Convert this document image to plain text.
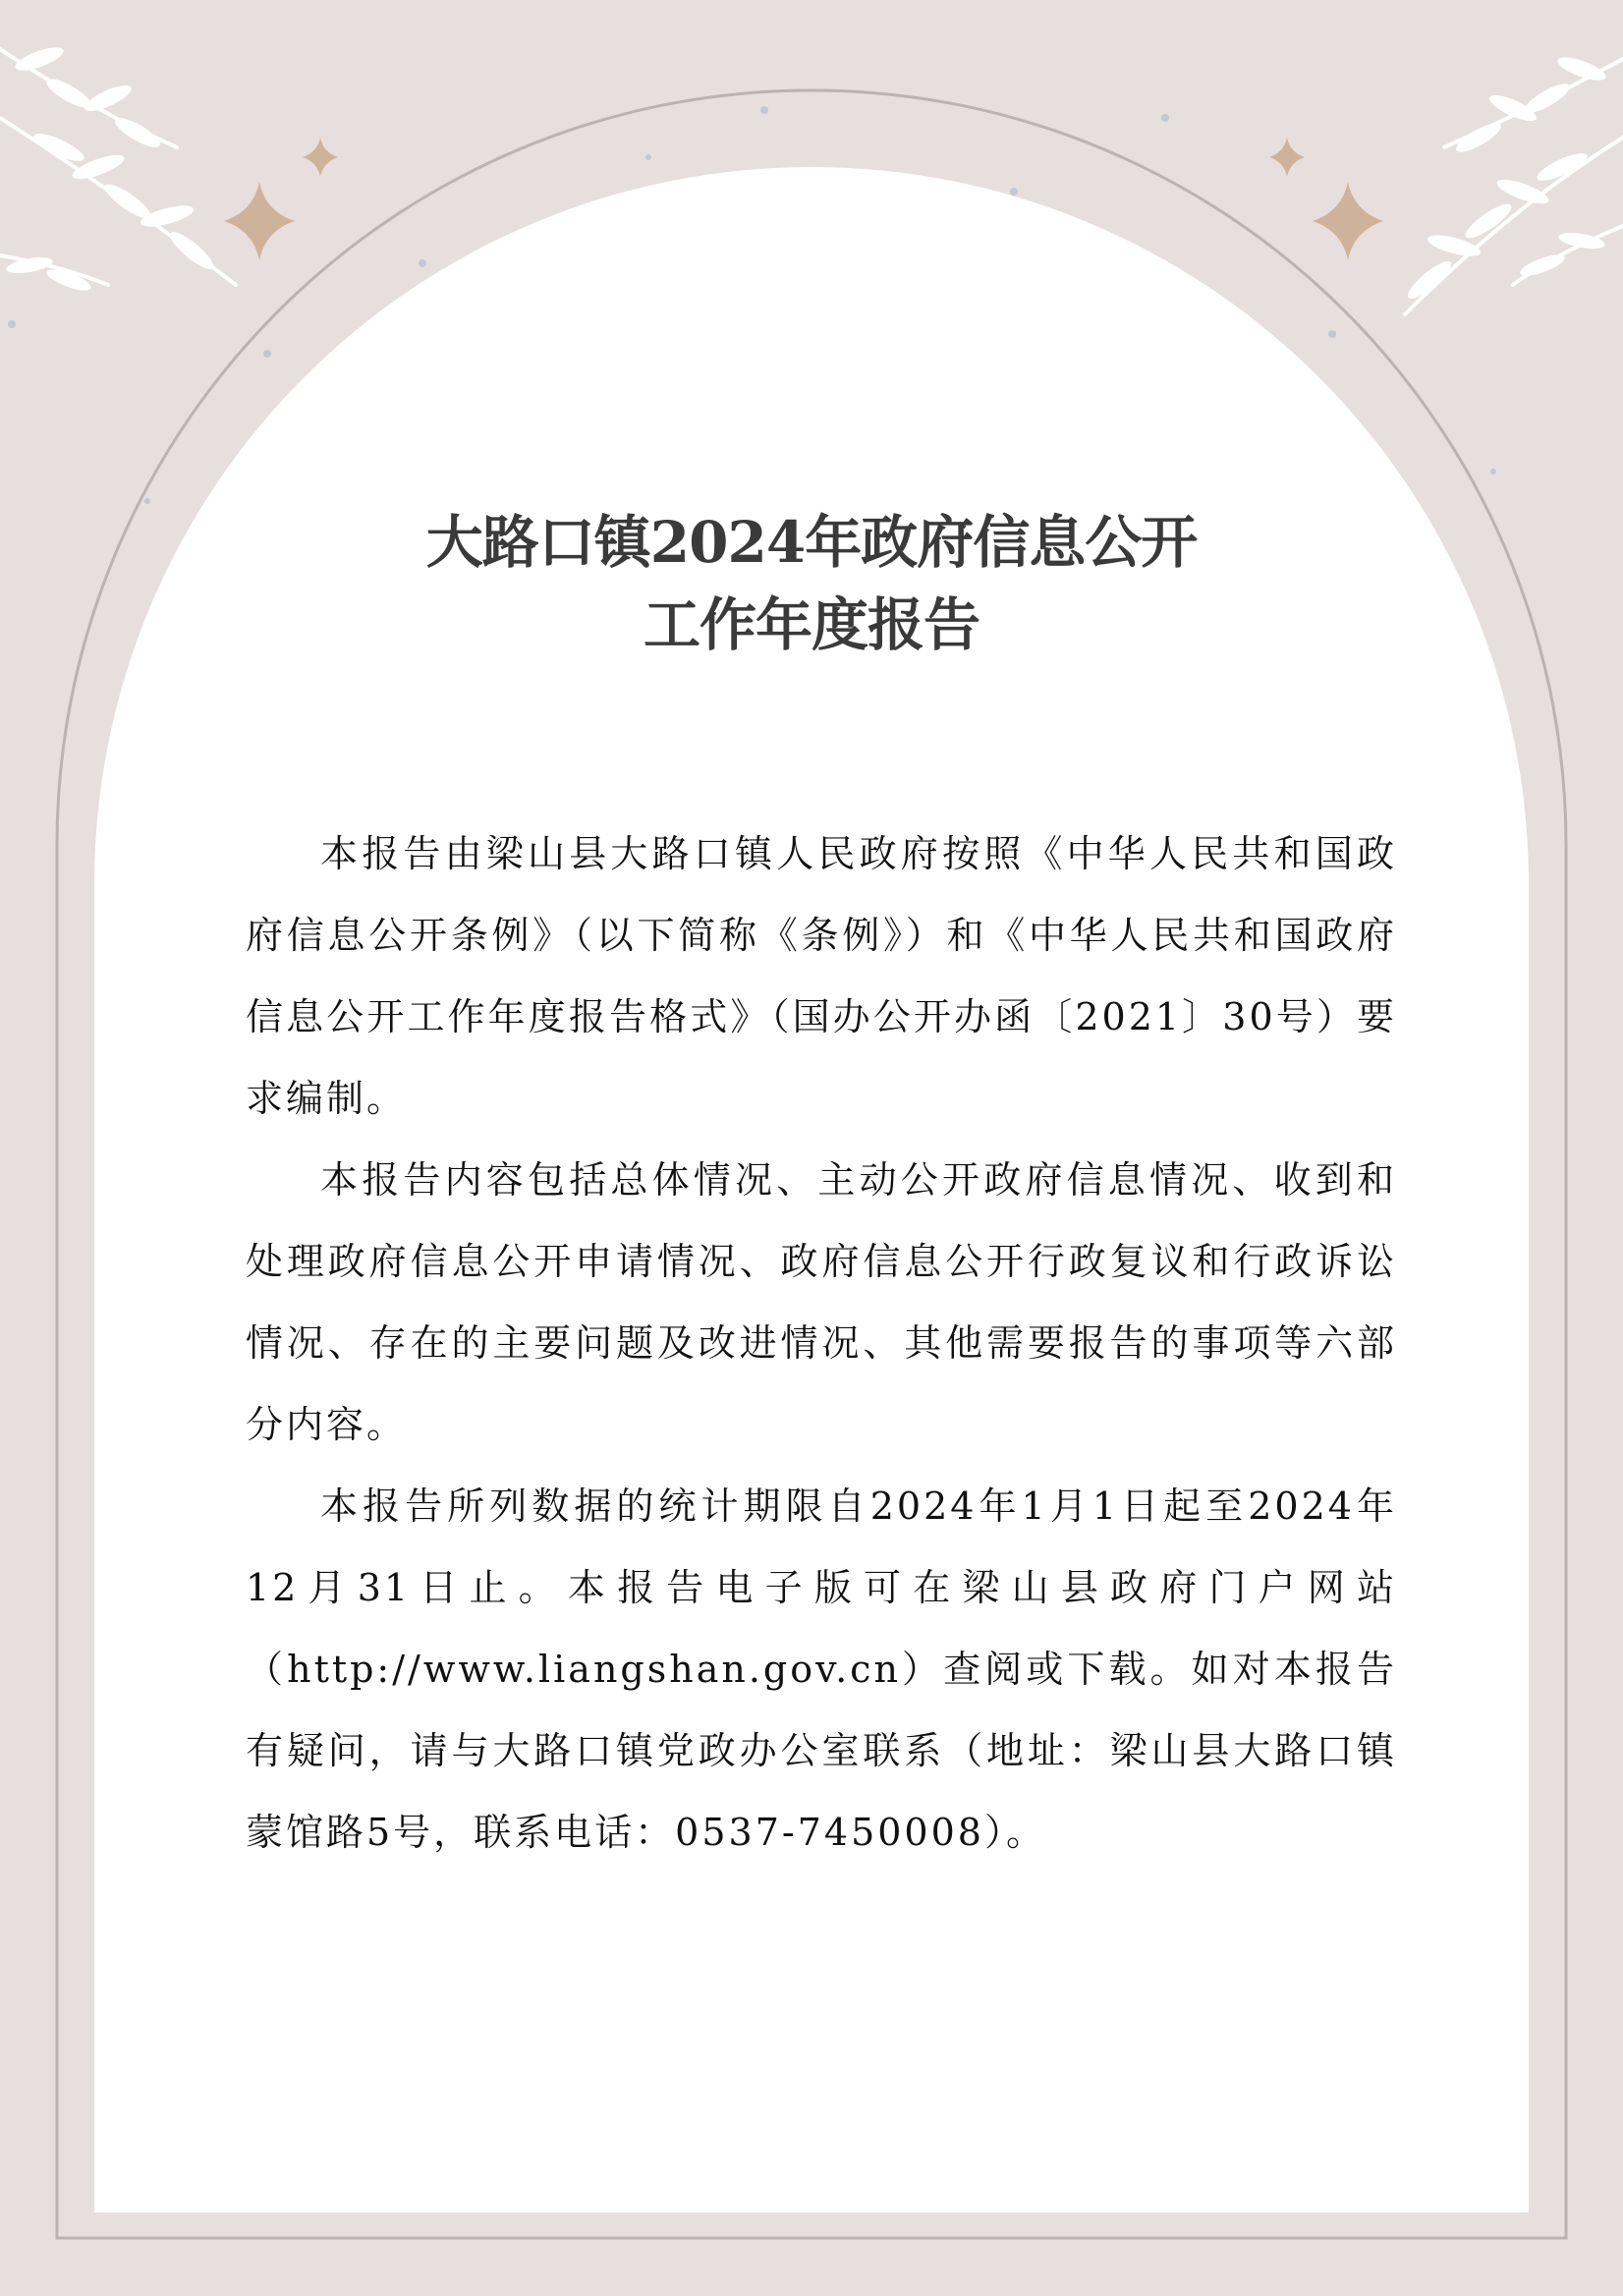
大路口镇2024年政府信息公开
工作年度报告

本报告由梁山县大路口镇人民政府按照《中华人民共和国政府信息公开条例》（以下简称《条例》）和《中华人民共和国政府信息公开工作年度报告格式》（国办公开办函〔2021〕30号）要求编制。

本报告内容包括总体情况、主动公开政府信息情况、收到和处理政府信息公开申请情况、政府信息公开行政复议和行政诉讼情况、存在的主要问题及改进情况、其他需要报告的事项等六部分内容。

本报告所列数据的统计期限自2024年1月1日起至2024年12月31日止。本报告电子版可在梁山县政府门户网站（http://www.liangshan.gov.cn）查阅或下载。如对本报告有疑问，请与大路口镇党政办公室联系（地址：梁山县大路口镇蒙馆路5号，联系电话：0537-7450008）。
